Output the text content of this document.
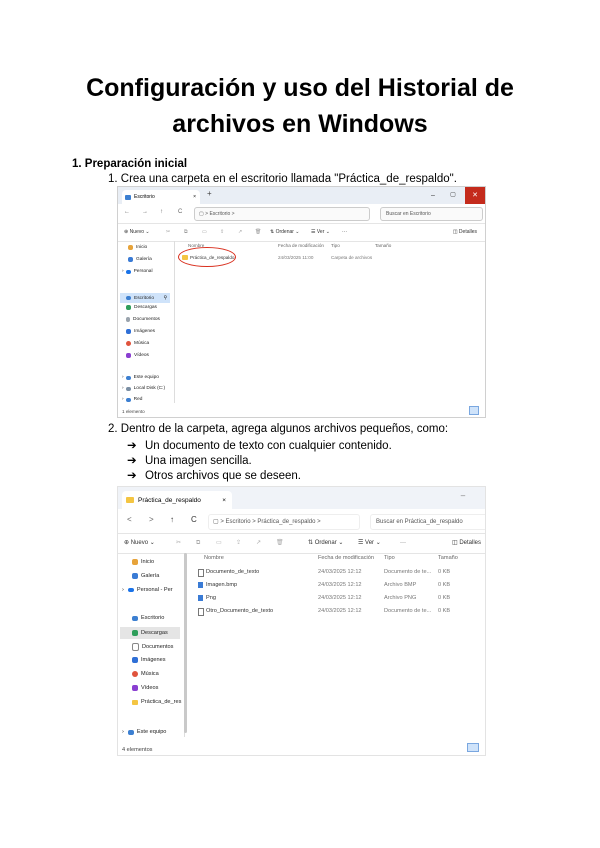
Configuración y uso del Historial de
archivos en Windows
1. Preparación inicial
1. Crea una carpeta en el escritorio llamada "Práctica_de_respaldo".
Escritorio	× +	–	▢	✕
← → ↑	C	▢ > Escritorio >	Buscar en Escritorio
⊕ Nuevo ⌄	✂	⧉	▭	⇪	↗	🗑 ⇅ Ordenar ⌄ ☰ Ver ⌄ ···	◫ Detalles
Inicio
Galería
› Personal
Escritorio ⚲
Descargas
Documentos
Imágenes
Música
Vídeos
› Este equipo
› Local Disk (C:)
› Red
Nombre	Fecha de modificación Tipo	Tamaño
Práctica_de_respaldo	24/03/2025 11:00	Carpeta de archivos
1 elemento
2. Dentro de la carpeta, agrega algunos archivos pequeños, como:
➔ Un documento de texto con cualquier contenido.
➔ Una imagen sencilla.
➔ Otros archivos que se deseen.
Práctica_de_respaldo	×	–
< > ↑ C	▢ > Escritorio > Práctica_de_respaldo >	Buscar en Práctica_de_respaldo
⊕ Nuevo ⌄	✂ ⧉	▭ ⇪ ↗ 🗑	⇅ Ordenar ⌄ ☰ Ver ⌄	···	◫ Detalles
Inicio
Galería
› Personal - Per
Escritorio
Descargas
Documentos
Imágenes
Música
Vídeos
Práctica_de_res
› Este equipo
Nombre	Fecha de modificación Tipo	Tamaño
Documento_de_texto	24/03/2025 12:12	Documento de te... 0 KB
Imagen.bmp	24/03/2025 12:12	Archivo BMP	0 KB
Png	24/03/2025 12:12	Archivo PNG	0 KB
Otro_Documento_de_texto	24/03/2025 12:12	Documento de te... 0 KB
4 elementos
